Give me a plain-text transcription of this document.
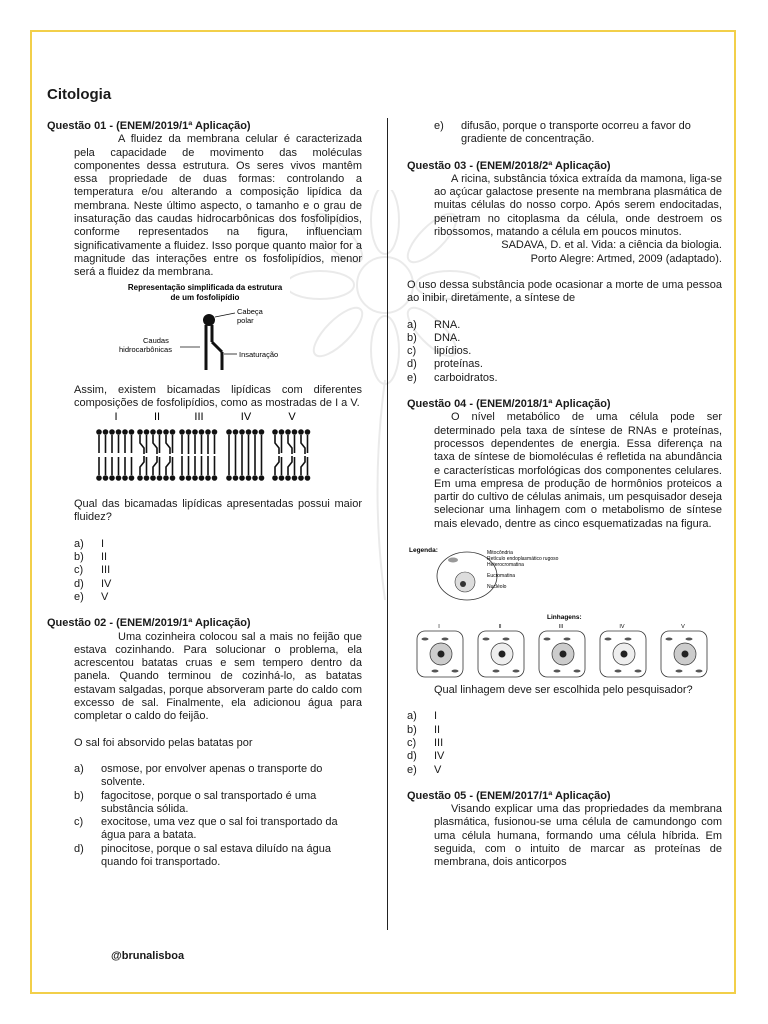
Citologia
Questão 01 - (ENEM/2019/1ª Aplicação)

A fluidez da membrana celular é caracterizada pela capacidade de movimento das moléculas componentes dessa estrutura. Os seres vivos mantêm essa propriedade de duas formas: controlando a temperatura e/ou alterando a composição lipídica da membrana. Neste último aspecto, o tamanho e o grau de insaturação das caudas hidrocarbônicas dos fosfolipídios, conforme representados na figura, influenciam significativamente a fluidez. Isso porque quanto maior for a magnitude das interações entre os fosfolipídios, menor será a fluidez da membrana.

Representação simplificada da estrutura
de um fosfolipídio
Cabeça
polar
Caudas
hidrocarbônicas
Insaturação

Assim, existem bicamadas lipídicas com diferentes composições de fosfolipídios, como as mostradas de I a V.

I	II	III	IV	V

Qual das bicamadas lipídicas apresentadas possui maior fluidez?

a)	I
b)	II
c)	III
d)	IV
e)	V
Questão 02 - (ENEM/2019/1ª Aplicação)

Uma cozinheira colocou sal a mais no feijão que estava cozinhando. Para solucionar o problema, ela acrescentou batatas cruas e sem tempero dentro da panela. Quando terminou de cozinhá-lo, as batatas estavam salgadas, porque absorveram parte do caldo com excesso de sal. Finalmente, ela adicionou água para completar o caldo do feijão.

O sal foi absorvido pelas batatas por

a)	osmose, por envolver apenas o transporte do solvente.
b)	fagocitose, porque o sal transportado é uma substância sólida.
c)	exocitose, uma vez que o sal foi transportado da água para a batata.
d)	pinocitose, porque o sal estava diluído na água quando foi transportado.
e)	difusão, porque o transporte ocorreu a favor do gradiente de concentração.
Questão 03 - (ENEM/2018/2ª Aplicação)

A ricina, substância tóxica extraída da mamona, liga-se ao açúcar galactose presente na membrana plasmática de muitas células do nosso corpo. Após serem endocitadas, penetram no citoplasma da célula, onde destroem os ribossomos, matando a célula em poucos minutos.

SADAVA, D. et al. Vida: a ciência da biologia.

Porto Alegre: Artmed, 2009 (adaptado).

O uso dessa substância pode ocasionar a morte de uma pessoa ao inibir, diretamente, a síntese de

a)	RNA.
b)	DNA.
c)	lipídios.
d)	proteínas.
e)	carboidratos.
Questão 04 - (ENEM/2018/1ª Aplicação)

O nível metabólico de uma célula pode ser determinado pela taxa de síntese de RNAs e proteínas, processos dependentes de energia. Essa diferença na taxa de síntese de biomoléculas é refletida na abundância e características morfológicas dos componentes celulares. Em uma empresa de produção de hormônios proteicos a partir do cultivo de células animais, um pesquisador deseja selecionar uma linhagem com o metabolismo de síntese mais elevado, dentre as cinco esquematizadas na figura.

Legenda:	Mitocôndria
Retículo endoplasmático rugoso
Heterocromatina
Eucromatina
Nucléolo
Linhagens:
I	II	III	IV	V

Qual linhagem deve ser escolhida pelo pesquisador?

a)	I
b)	II
c)	III
d)	IV
e)	V
Questão 05 - (ENEM/2017/1ª Aplicação)

Visando explicar uma das propriedades da membrana plasmática, fusionou-se uma célula de camundongo com uma célula humana, formando uma célula híbrida. Em seguida, com o intuito de marcar as proteínas de membrana, dois anticorpos

@brunalisboa
